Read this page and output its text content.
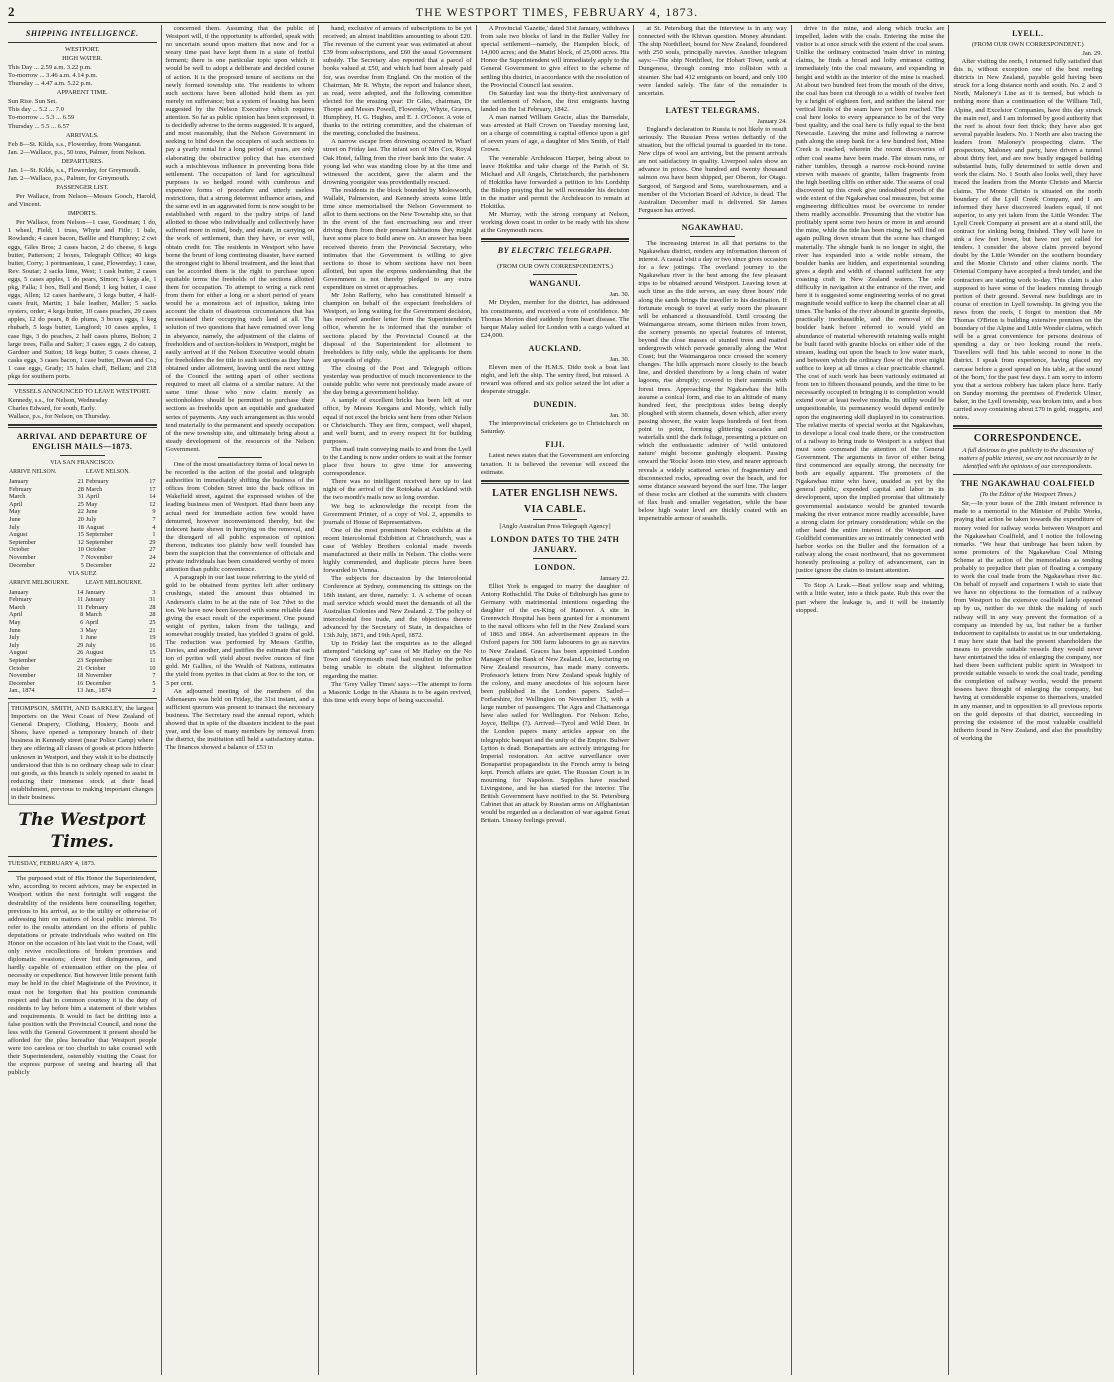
2	THE WESTPORT TIMES, FEBRUARY 4, 1873.
SHIPPING INTELLIGENCE.
WESTPORT.
HIGH WATER.
This Day ... 2.59 a.m. 3.22 p.m.
To-morrow ... 3.46 a.m. 4.14 p.m.
Thursday ... 4.47 a.m. 5.22 p.m.
APPARENT TIME.
Sun Rise. Sun Set.
This day ... 5.2 ... 7.0
To-morrow ... 5.3 ... 6.59
Thursday ... 5.5 ... 6.57
ARRIVALS.
Feb 8—St. Kilda, s.s., Flowerday, from Wanganui.
Jan. 2—Wallace, p.s., 50 tons, Palmer, from Nelson.
DEPARTURES.
Jan. 1—St. Kilds, s.s., Flowerday, for Greymouth.
Jan. 2—Wallace, p.s., Palmer, for Greymouth.
PASSENGER LIST.

Per Wallace, from Nelson—Messrs Gooch, Harold, and Vincent.

IMPORTS.

Per Wallace, from Nelson—1 case, Goodman; 1 do, 1 wheel, Field; 1 truss, Whyte and Fitle; 1 bale, Rowlands; 4 cases bacon, Baillie and Humphrey; 2 cwt eggs, Giles Bros; 2 cases bacon, 2 do cheese, 6 kegs butter, Patterson; 2 boxes, Telegraph Office; 40 kegs butter, Corry; 1 portmanteau, 1 case, Flowerday; 1 case, Rev. Soutar; 2 sacks lime, West; 1 cask butter, 2 cases eggs, 5 cases apples, 1 do pears, Simon; 5 kegs ale, 1 pkg, Falla; 1 box, Bull and Bond; 1 keg butter, 1 case eggs, Allen; 12 cases hardware, 3 kegs butter, 4 half-cases fruit, Martin; 1 bale leather, Maller; 5 sacks oysters, order; 4 kegs butter, 10 cases peaches, 29 cases apples, 12 do pears, 8 do plums, 3 boxes eggs, 1 keg rhubarb, 5 kegs butter, Langford; 10 cases apples, 1 case figs, 3 do peaches, 2 half cases plums, Bolton; 2 large trees, Falla and Salter; 3 cases eggs, 2 do catsup, Gardner and Sutton; 18 kegs butter, 5 cases cheese, 2 casks eggs, 3 cases bacon, 1 case butter, Dwan and Co.; 1 case eggs, Grady; 15 bales chaff, Bellam; and 218 pkgs for southern ports.

VESSELS ANNOUNCED TO LEAVE WESTPORT.
Kennedy, s.s., for Nelson, Wednesday
Charles Edward, for south, Early.
Wallace, p.s., for Nelson, on Thursday.
ARRIVAL AND DEPARTURE OF ENGLISH MAILS—1873.
VIA SAN FRANCISCO.
ARRIVE NELSON.		LEAVE NELSON.	
January	21	February	17
February	28	March	17
March	31	April	14
April	25	May	12
May	22	June	9
June	20	July	7
July	18	August	4
August	15	September	1
September	12	September	29
October	10	October	27
November	7	November	24
December	5	December	22
VIA SUEZ
ARRIVE MELBOURNE.		LEAVE MELBOURNE.	
January	14	January	3
February	11	January	31
March	11	February	28
April	8	March	28
May	6	April	25
June	3	May	21
July	1	June	19
July	29	July	16
August	26	August	15
September	23	September	11
October	21	October	10
November	18	November	7
December	16	December	5
Jan., 1874	13	Jan., 1874	2

THOMPSON, SMITH, AND BARKLEY, the largest Importers on the West Coast of New Zealand of General Drapery, Clothing, Hosiery, Boots and Shoes, have opened a temporary branch of their business in Kennedy street (near Police Camp) where they are offering all classes of goods at prices hitherto unknown in Westport, and they wish it to be distinctly understood that this is no ordinary cheap sale to clear out goods, as this branch is solely opened to assist in reducing their immense stock at their head establishment, previous to making important changes in their business.

The Westport Times.
TUESDAY, FEBRUARY 4, 1873.

The purposed visit of His Honor the Superintendent, who, according to recent advices, may be expected in Westport within the next fortnight will suggest the desirability of the residents here counselling together, previous to his arrival, as to the utility or otherwise of addressing him on matters of local public interest. To refer to the results attendant on the efforts of public deputations or private individuals who waited on His Honor on the occasion of his last visit to the Coast, will only revive recollections of broken promises and diplomatic evasions; clever but disingenuous, and hardly capable of extenuation either on the plea of necessity or expedience. But however little present faith may be held in the chief Magistrate of the Province, it must not be forgotten that his position commands respect and that in common courtesy it is the duty of residents to lay before him a statement of their wishes and requirements. It would in fact be drifting into a false position with the Provincial Council, and none the less with the General Government it present should be afforded for the plea hereafter that Westport people were too careless or too churlish to take counsel with their Superintendent, ostensibly visiting the Coast for the express purpose of seeing and hearing all that publicly

concerned them. Assuming that the public of Westport will, if the opportunity is afforded, speak with no uncertain sound upon matters that now and for a weary time past have kept them in a state of fretful ferment; there is one particular topic upon which it would be well to adopt a deliberate and decided course of action. It is the proposed tenure of sections on the newly formed township site. The residents to whom such sections have been allotted hold them as yet merely on sufferance; but a system of leasing has been suggested by the Nelson Executive which requires attention. So far as public opinion has been expressed, it is decidedly adverse to the terms suggested. It is argued, and most reasonably, that the Nelson Government in seeking to bind down the occupiers of such sections to pay a yearly rental for a long period of years, are only elaborating the obstructive policy that has exercised such a mischievous influence in preventing bona fide settlement. The occupation of land for agricultural purposes is so hedged round with cumbrous and expensive forms of procedure and utterly useless restrictions, that a strong deterrent influence arises, and the same evil in an aggravated form is now sought to be established with regard to the paltry strips of land allotted to those who individually and collectively have suffered more in mind, body, and estate, in carrying on the work of settlement, than they have, or ever will, obtain credit for. The residents in Westport who have borne the brunt of long continuing disaster, have earned the strongest right to liberal treatment, and the least that can be accorded them is the right to purchase upon equitable terms the freeholds of the sections allotted them for occupation. To attempt to wring a rack rent from them for either a long or a short period of years would be a monstrous act of injustice, taking into account the chain of disastrous circumstances that has necessitated their occupying such land at all. The solution of two questions that have remained over long in abeyance, namely, the adjustment of the claims of freeholders and of section-holders in Westport, might be easily arrived at if the Nelson Executive would obtain for freeholders the fee title to such sections as they have obtained under allotment, leaving until the next sitting of the Council the setting apart of other sections required to meet all claims of a similar nature. At the same time those who now claim merely as sectionholders should be permitted to purchase their sections as freeholds upon an equitable and graduated series of payments. Any such arrangement as this would tend materially to the permanent and speedy occupation of the new township site, and ultimately bring about a steady development of the resources of the Nelson Government.

One of the most unsatisfactory items of local news to be recorded is the action of the postal and telegraph authorities in immediately shifting the business of the offices from Cobden Street into the back offices in Wakefield street, against the expressed wishes of the leading business men of Westport. Had there been any actual need for immediate action few would have demurred, however inconvenienced thereby, but the indecent haste shewn in hurrying on the removal, and the disregard of all public expression of opinion thereon, indicates too plainly how well founded has been the suspicion that the convenience of officials and private individuals has been considered worthy of more attention than public convenience.

A paragraph in our last issue referring to the yield of gold to be obtained from pyrites left after ordinary crushings, stated the amount thus obtained in Anderson's claim to be at the rate of 1oz 7dwt to the ton. We have now been favored with some reliable data giving the exact result of the experiment. One pound weight of pyrites, taken from the tailings, and somewhat roughly treated, has yielded 3 grains of gold. The reduction was performed by Messrs Griffin, Davies, and another, and justifies the estimate that each ton of pyrites will yield about twelve ounces of fine gold. Mr Gallies, of the Wealth of Nations, estimates the yield from pyrites in that claim at 9oz to the ton, or 3 per cent.

An adjourned meeting of the members of the Athenaeum was held on Friday, the 31st instant, and a sufficient quorum was present to transact the necessary business. The Secretary read the annual report, which showed that in spite of the disasters incident to the past year, and the loss of many members by removal from the district, the institution still held a satisfactory status. The finances showed a balance of £53 in

hand, exclusive of arrears of subscriptions to be yet received; an almost inabilities amounting to about £20. The revenue of the current year was estimated at about £39 from subscriptions, and £60 the usual Government subsidy. The Secretary also reported that a parcel of books valued at £50, and which had been already paid for, was overdue from England. On the motion of the Chairman, Mr R. Whyte, the report and balance sheet, as read, were adopted, and the following committee elected for the ensuing year: Dr Giles, chairman, Dr Thorpe and Messrs Powell, Flowerday, Whyte, Graves, Humphrey, H. G. Hughes, and E. J. O'Conor. A vote of thanks to the retiring committee, and the chairman of the meeting, concluded the business.

A narrow escape from drowning occurred in Wharf street on Friday last. The infant son of Mrs Cox, Royal Oak Hotel, falling from the river bank into the water. A young lad who was standing close by at the time and witnessed the accident, gave the alarm and the drowning youngster was providentially rescued.

The residents in the block bounded by Molesworth, Wallabi, Palmerston, and Kennedy streets some little time since memorialised the Nelson Government to allot to them sections on the New Township site, so that in the event of the fast encroaching sea and river driving them from their present habitations they might have some place to build anew on. An answer has been received thereto from the Provincial Secretary, who intimates that the Government is willing to give sections to those to whom sections have not been allotted, but upon the express understanding that the Government is not thereby pledged to any extra expenditure on street or approaches.

Mr John Rafferty, who has constituted himself a champion on behalf of the expectant freeholders of Westport, so long waiting for the Government decision, has received another letter from the Superintendent's office, wherein he is informed that the number of sections placed by the Provincial Council at the disposal of the Superintendent for allotment to freeholders is fifty only, while the applicants for them are upwards of eighty.

The closing of the Post and Telegraph offices yesterday was productive of much inconvenience to the outside public who were not previously made aware of the day being a government holiday.

A sample of excellent bricks has been left at our office, by Messrs Keegans and Moody, which fully equal if not excel the bricks sent here from other Nelson or Christchurch. They are firm, compact, well shaped, and well burnt, and in every respect fit for building purposes.

The mail train conveying mails to and from the Lyell to the Landing is now under orders to wait at the former place five hours to give time for answering correspondence.

There was no intelligent received here up to last night of the arrival of the Rotokaha at Auckland with the two month's mails now so long overdue.

We beg to acknowledge the receipt from the Government Printer, of a copy of Vol. 2, appendix to journals of House of Representatives.

One of the most prominent Nelson exhibits at the recent Intercolonial Exhibition at Christchurch, was a case of Webley Brothers colonial made tweeds manufactured at their mills in Nelson. The cloths were highly commended, and duplicate pieces have been forwarded to Vienna.

The subjects for discussion by the Intercolonial Conference at Sydney, commencing its sittings on the 18th instant, are three, namely: 1. A scheme of ocean mail service which would meet the demands of all the Australian Colonies and New Zealand. 2. The policy of intercolonial free trade, and the objections thereto advanced by the Secretary of State, in despatches of 13th July, 1871, and 19th April, 1872.

Up to Friday last the enquiries as to the alleged attempted "sticking up" case of Mr Harley on the No Town and Greymouth road had resulted in the police being unable to obtain the slightest information regarding the matter.

The 'Grey Valley Times' says:—The attempt to form a Masonic Lodge in the Ahaura is to be again revived, this time with every hope of being successful.

A Provincial 'Gazette,' dated 31st January, withdraws from sale two blocks of land in the Buller Valley for special settlement—namely, the Hampden block, of 14,000 acres; and the Matiri block, of 25,000 acres. His Honor the Superintendent will immediately apply to the General Government to give effect to the scheme of settling this district, in accordance with the resolution of the Provincial Council last session.

On Saturday last was the thirty-first anniversary of the settlement of Nelson, the first emigrants having landed on the 1st February, 1842.

A man named William Gracie, alias the Barnsdale, was arrested at Half Crown on Tuesday morning last, on a charge of committing a capital offence upon a girl of seven years of age, a daughter of Mrs Smith, of Half Crown.

The venerable Archdeacon Harper, being about to leave Hokitika and take charge of the Parish of St. Michael and All Angels, Christchurch, the parishoners of Hokitika have forwarded a petition to his Lordship the Bishop praying that he will reconsider his decision in the matter and permit the Archdeacon to remain at Hokitika.

Mr Murray, with the strong company at Nelson, working down coast in order to be ready with his show at the Greymouth races.

BY ELECTRIC TELEGRAPH.
(FROM OUR OWN CORRESPONDENTS.)
WANGANUI.
Jan. 30.

Mr Dryden, member for the district, has addressed his constituents, and received a vote of confidence. Mr Thomas Morton died suddenly from heart disease. The barque Malay sailed for London with a cargo valued at £24,000.

AUCKLAND.
Jan. 30.

Eleven men of the H.M.S. Dido took a boat last night, and left the ship. The sentry fired, but missed. A reward was offered and six police seized the lot after a desperate struggle.

DUNEDIN.
Jan. 30.

The interprovincial cricketers go to Christchurch on Saturday.

FIJI.

Latest news states that the Government are enforcing taxation. It is believed the revenue will exceed the estimate.

LATER ENGLISH NEWS.
VIA CABLE.
[Anglo Australian Press Telegraph Agency]
LONDON DATES TO THE 24TH JANUARY.
LONDON.
January 22.

Elliot York is engaged to marry the daughter of Antony Rothschild. The Duke of Edinburgh has gone to Germany with matrimonial intentions regarding the daughter of the ex-King of Hanover. A site in Greenwich Hospital has been granted for a monument to the naval officers who fell in the New Zealand wars of 1863 and 1864. An advertisement appears in the Oxford papers for 300 farm labourers to go as navvies to New Zealand. Graces has been appointed London Manager of the Bank of New Zealand. Lee, lecturing on New Zealand resources, has made many converts. Professor's letters from New Zealand speak highly of the colony, and many anecdotes of his sojourn have been published in the London papers. Sailed—Forfarshire, for Wellington on November 15, with a large number of passengers. The Agra and Chattanooga have also sailed for Wellington. For Nelson: Echo, Joyce, Hellips (?). Arrived—Tyrol and Wild Deer. In the London papers many articles appear on the telegraphic banquet and the unity of the Empire. Bulwer Lytton is dead. Bonapartists are actively intriguing for Imperial restoration. An active surveillance over Bonapartist propagandists in the French army is being kept. French affairs are quiet. The Russian Court is in mourning for Napoleon. Supplies have reached Livingstone, and he has started for the interior. The British Government have notified to the St. Petersburg Cabinet that an attack by Russian arms on Affghanistan would be regarded as a declaration of war against Great Britain. Uneasy feelings prevail.

at St. Petersburg that the interview is in any way connected with the Khivan question. Money abundant. The ship Northfleet, bound for New Zealand, foundered with 250 souls, principally navvies. Another telegram says:—The ship Northfleet, for Hobart Town, sunk at Dungeness, through coming into collision with a steamer. She had 412 emigrants on board, and only 100 were landed safely. The fate of the remainder is uncertain.

LATEST TELEGRAMS.
January 24.

England's declaration to Russia is not likely to result seriously. The Russian Press writes defiantly of the situation, but the official journal is guarded in its tone. New clips of wool are arriving, but the present arrivals are not satisfactory in quality. Liverpool sales show an advance in prices. One hundred and twenty thousand salmon ova have been shipped, per Oberon, for Otago. Sargood, of Sargood and Sons, warehousemen, and a member of the Victorian Board of Advice, is dead. The Australian December mail is delivered. Sir James Ferguson has arrived.

NGAKAWHAU.

The increasing interest in all that pertains to the Ngakawhau district, renders any information thereon of interest. A casual visit a day or two since gives occasion for a few jottings. The overland journey to the Ngakawhau river is the best among the few pleasant trips to be obtained around Westport. Leaving town at such time as the tide serves, an easy three hours' ride along the sands brings the traveller to his destination. If fortunate enough to travel at early morn the pleasure will be enhanced a thousandfold. Until crossing the Waimangaroa stream, some thirteen miles from town, the scenery presents no special features of interest, beyond the close masses of stunted trees and matted undergrowth which pervade generally along the West Coast; but the Waimangaroa once crossed the scenery changes. The hills approach more closely to the beach line, and divided therefrom by a long chain of water lagoons, rise abruptly; covered to their summits with forest trees. Approaching the Ngakawhau the hills assume a conical form, and rise to an altitude of many hundred feet, the precipitous sides being deeply ploughed with storm channels, down which, after every passing shower, the water leaps hundreds of feet from point to point, forming glittering cascades and waterfalls until the dark foliage, presenting a picture on which the enthusiastic admirer of 'wild untutored nature' might become gushingly eloquent. Passing onward the 'Rocks' loom into view, and nearer approach reveals a widely scattered series of fragmentary and disconnected rocks, spreading over the beach, and for some distance seaward beyond the surf line. The larger of these rocks are clothed at the summits with clusters of flax bush and smaller vegetation, while the base below high water level are thickly coated with an impenetrable armour of seashells.

drive in the mine, and along which trucks are impelled, laden with the coals. Entering the mine the visitor is at once struck with the extent of the coal seam. Unlike the ordinary contracted 'main drive' in mining claims, he finds a broad and lofty entrance cutting immediately into the coal measure, and expanding in height and width as the interior of the mine is reached. At about two hundred feet from the mouth of the drive, the coal has been cut through to a width of twelve feet by a height of eighteen feet, and neither the lateral nor vertical limits of the seam have yet been reached. The coal here looks to every appearance to be of the very best quality, and the coal here is fully equal to the best Newcastle. Leaving the mine and following a narrow path along the steep bank for a few hundred feet, Mine Creek is reached, wherein the recent discoveries of other coal seams have been made. The stream runs, or rather tumbles, through a narrow rock-bound ravine strewn with masses of granite, fallen fragments from the high beetling cliffs on either side. The seams of coal discovered up this creek give undoubted proofs of the wide extent of the Ngakawhau coal measures, but some engineering difficulties must be overcome to render them readily accessible. Presuming that the visitor has profitably spent some two hours or more in and around the mine, while the tide has been rising, he will find on again pulling down stream that the scene has changed materially. The shingle bank is no longer in sight, the river has expanded into a wide noble stream, the boulder banks are hidden, and experimental sounding gives a depth and width of channel sufficient for any coasting craft in New Zealand waters. The sole difficulty in navigation at the entrance of the river, and here it is suggested some engineering works of no great magnitude would suffice to keep the channel clear at all times. The banks of the river abound in granite deposits, practically inexhaustible, and the removal of the boulder bank before referred to would yield an abundance of material wherewith retaining walls might be built faced with granite blocks on either side of the stream, leading out upon the beach to low water mark, and between which the ordinary flow of the river might suffice to keep at all times a clear practicable channel. The cost of such work has been variously estimated at from ten to fifteen thousand pounds, and the time to be necessarily occupied in bringing it to completion would extend over at least twelve months. Its utility would be unquestionable, its permanency would depend entirely upon the engineering skill displayed in its construction. The relative merits of special works at the Ngakawhau, to develope a local coal trade there, or the construction of a railway to bring trade to Westport is a subject that must soon command the attention of the General Government. The arguments in favor of either being first commenced are equally strong, the necessity for both are equally apparent. The promoters of the Ngakawhau mine who have, unaided as yet by the general public, expended capital and labor in its development, upon the implied promise that ultimately governmental assistance would be granted towards making the river entrance more readily accessible, have a strong claim for primary consideration; while on the other hand the entire interest of the Westport and Goldfield communities are so intimately connected with harbor works on the Buller and the formation of a railway along the coast northward, that no government honestly professing a policy of advancement, can in justice ignore the claim to instant attention.

To Stop A Leak.—Beat yellow soap and whiting, with a little water, into a thick paste. Rub this over the part where the leakage is, and it will be instantly stopped.

LYELL.
(FROM OUR OWN CORRESPONDENT.)
Jan. 29.

After visiting the reefs, I returned fully satisfied that this is, without exception one of the best reefing districts in New Zealand, payable gold having been struck for a long distance north and south. No. 2 and 3 North, Maloney's Line as it is termed, but which is nothing more than a continuation of the William Tell, Alpine, and Excelsior Companies, have this day struck the main reef, and I am informed by good authority that the reef is about four feet thick; they have also got several payable leaders. No. 1 North are also tracing the leaders from Maloney's prospecting claim. The prospectors, Maloney and party, have driven a tunnel about thirty feet, and are now busily engaged building substantial huts, fully determined to settle down and work the claim. No. 1 South also looks well, they have traced the leaders from the Monte Christo and Marcia claims. The Monte Christo is situated on the north boundary of the Lyell Creek Company, and I am informed they have discovered leaders equal, if not superior, to any yet taken from the Little Wonder. The Lyell Creek Company at present are at a stand still, the contract for sinking being finished. They will have to sink a few feet lower, but have not yet called for tenders. I consider the above claim proved beyond doubt by the Little Wonder on the southern boundary and the Monte Christo and other claims north. The Oriental Company have accepted a fresh tender, and the contractors are starting work to-day. This claim is also supposed to have some of the leaders running through portion of their ground. Several new buildings are in course of erection in Lyell township. In giving you the news from the reefs, I forgot to mention that Mr Thomas O'Brien is building extensive premises on the boundary of the Alpine and Little Wonder claims, which will be a great convenience for persons desirous of spending a day or two looking round the reefs. Travellers will find his table second to none in the district. I speak from experience, having placed my carcase before a good spread on his table, at the sound of the 'horn,' for the past few days. I am sorry to inform you that a serious robbery has taken place here. Early on Sunday morning the premises of Frederick Ulmer, baker, in the Lyell township, was broken into, and a box carried away containing about £70 in gold, nuggets, and notes.

CORRESPONDENCE.
A full desirous to give publicity to the discussion of matters of public interest, we are not necessarily to be identified with the opinions of our correspondents.
THE NGAKAWHAU COALFIELD
(To the Editor of the Westport Times.)

Sir,—In your issue of the 28th instant reference is made to a memorial to the Minister of Public Works, praying that action be taken towards the expenditure of money voted for railway works between Westport and the Ngakawhau Coalfield, and I notice the following remarks. "We hear that umbrage has been taken by some promoters of the Ngakawhau Coal Mining Scheme at the action of the memorialists as tending probably to prejudice their plan of floating a company to work the coal trade from the Ngakawhau river &c. On behalf of myself and copartners I wish to state that we have no objections to the formation of a railway from Westport to the extensive coalfield lately opened up by us, neither do we think the making of such railway will in any way prevent the formation of a company as intended by us, but rather be a further inducement to capitalists to assist us in our undertaking. I may here state that had the present shareholders the means to provide suitable vessels they would never have entertained the idea of enlarging the company, nor had there been sufficient public spirit in Westport to provide suitable vessels to work the coal trade, pending the completion of railway works, would the present lessees have thought of enlarging the company, but having at considerable expense to themselves, unaided in any manner, and in opposition to all previous reports on the gold deposits of that district, succeeding in proving the existence of the most valuable coalfield hitherto found in New Zealand, and also the possibility of working the
